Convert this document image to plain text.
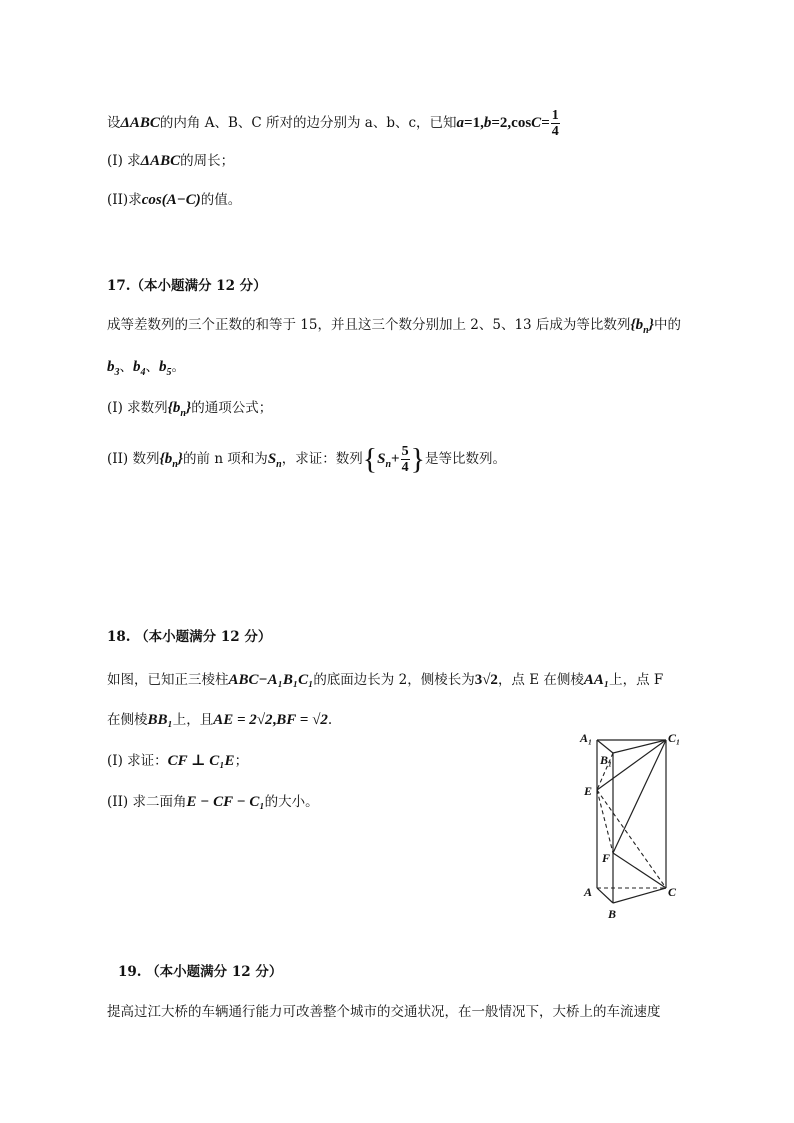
设ΔABC的内角 A、B、C 所对的边分别为 a、b、c，已知$a=1,b=2,\cos C= \frac{1}{4}$
(I) 求ΔABC的周长；
(II)求cos(A−C)的值。
17.（本小题满分 12 分）
成等差数列的三个正数的和等于 15，并且这三个数分别加上 2、5、13 后成为等比数列$\{b_n\}$中的
$b_3$、$b_4$、$b_5$。
(I) 求数列$\{b_n\}$的通项公式；
(II) 数列$\{b_n\}$的前 n 项和为$S_n$，求证：数列{$S_n+ \frac{5}{4}$ }是等比数列。
18. （本小题满分 12 分）
如图，已知正三棱柱ABC−A₁B₁C₁的底面边长为 2，侧棱长为3√2，点 E 在侧棱AA₁上，点 F
在侧棱BB₁上，且AE = 2√2,BF = √2.
(I) 求证：CF ⊥ C₁E；
(II) 求二面角E − CF − C₁的大小。
A₁	C₁
B₁
E
F
A	C
B
19. （本小题满分 12 分）
提高过江大桥的车辆通行能力可改善整个城市的交通状况，在一般情况下，大桥上的车流速度
